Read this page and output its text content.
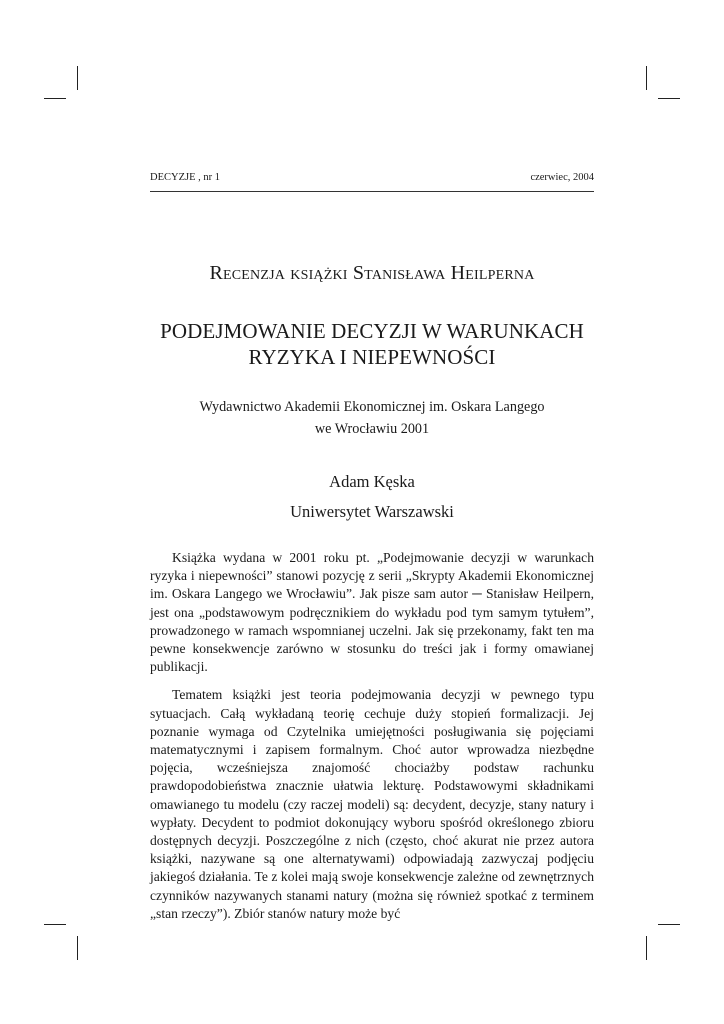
DECYZJE , nr 1	czerwiec, 2004
Recenzja książki Stanisława Heilperna
PODEJMOWANIE DECYZJI W WARUNKACH
RYZYKA I NIEPEWNOŚCI
Wydawnictwo Akademii Ekonomicznej im. Oskara Langego
we Wrocławiu 2001
Adam Kęska
Uniwersytet Warszawski

Książka wydana w 2001 roku pt. „Podejmowanie decyzji w warunkach ryzyka i niepewności” stanowi pozycję z serii „Skrypty Akademii Ekonomicznej im. Oskara Langego we Wrocławiu”. Jak pisze sam autor ─ Stanisław Heilpern, jest ona „podstawowym podręcznikiem do wykładu pod tym samym tytułem”, prowadzonego w ramach wspomnianej uczelni. Jak się przekonamy, fakt ten ma pewne konsekwencje zarówno w stosunku do treści jak i formy omawianej publikacji.

Tematem książki jest teoria podejmowania decyzji w pewnego typu sytuacjach. Całą wykładaną teorię cechuje duży stopień formalizacji. Jej poznanie wymaga od Czytelnika umiejętności posługiwania się pojęciami matematycznymi i zapisem formalnym. Choć autor wprowadza niezbędne pojęcia, wcześniejsza znajomość chociażby podstaw rachunku prawdopodobieństwa znacznie ułatwia lekturę. Podstawowymi składnikami omawianego tu modelu (czy raczej modeli) są: decydent, decyzje, stany natury i wypłaty. Decydent to podmiot dokonujący wyboru spośród określonego zbioru dostępnych decyzji. Poszczególne z nich (często, choć akurat nie przez autora książki, nazywane są one alternatywami) odpowiadają zazwyczaj podjęciu jakiegoś działania. Te z kolei mają swoje konsekwencje zależne od zewnętrznych czynników nazywanych stanami natury (można się również spotkać z terminem „stan rzeczy”). Zbiór stanów natury może być
